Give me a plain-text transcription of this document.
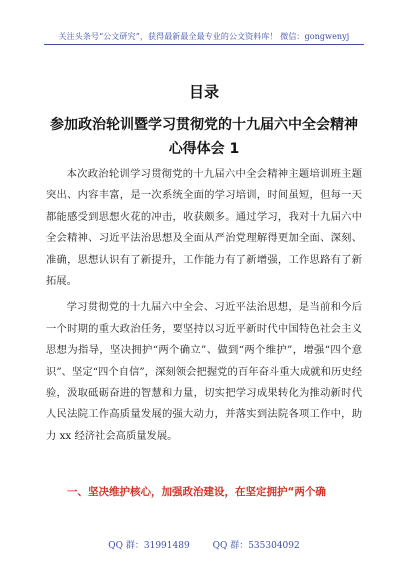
关注头条号“公文研究”，获得最新最全最专业的公文资料库！ 微信：gongwenyj
目录
参加政治轮训暨学习贯彻党的十九届六中全会精神心得体会 1

本次政治轮训学习贯彻党的十九届六中全会精神主题培训班主题突出、内容丰富，是一次系统全面的学习培训，时间虽短，但每一天都能感受到思想火花的冲击，收获颇多。通过学习，我对十九届六中全会精神、习近平法治思想及全面从严治党理解得更加全面、深刻、准确，思想认识有了新提升，工作能力有了新增强，工作思路有了新拓展。

学习贯彻党的十九届六中全会、习近平法治思想，是当前和今后一个时期的重大政治任务，要坚持以习近平新时代中国特色社会主义思想为指导，坚决拥护“两个确立”、做到“两个维护”，增强“四个意识”、坚定“四个自信”，深刻领会把握党的百年奋斗重大成就和历史经验，汲取砥砺奋进的智慧和力量，切实把学习成果转化为推动新时代人民法院工作高质量发展的强大动力，并落实到法院各项工作中，助力 xx 经济社会高质量发展。

一、坚决维护核心，加强政治建设，在坚定拥护“两个确
QQ 群：31991489	QQ 群：535304092
